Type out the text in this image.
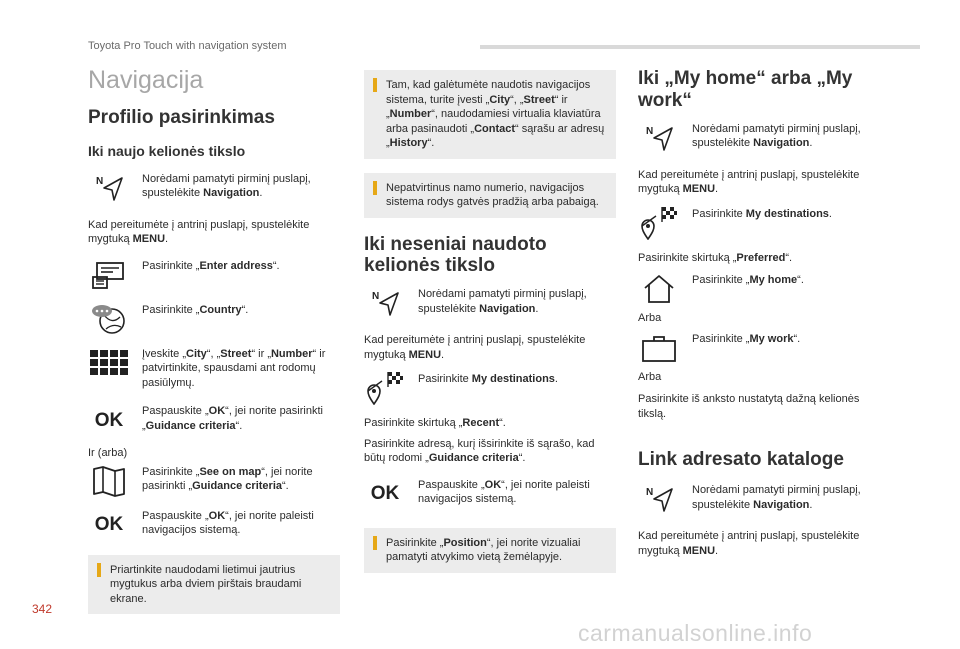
Toyota Pro Touch with navigation system
Navigacija
Profilio pasirinkimas
Iki naujo kelionės tikslo
N	Norėdami pamatyti pirminį puslapį, spustelėkite Navigation.
Kad pereitumėte į antrinį puslapį, spustelėkite mygtuką MENU.
Pasirinkite „Enter address“.
Pasirinkite „Country“.
Įveskite „City“, „Street“ ir „Number“ ir patvirtinkite, spausdami ant rodomų pasiūlymų.
OK Paspauskite „OK“, jei norite pasirinkti „Guidance criteria“.
Ir (arba)
Pasirinkite „See on map“, jei norite pasirinkti „Guidance criteria“.
OK Paspauskite „OK“, jei norite paleisti navigacijos sistemą.
Priartinkite naudodami lietimui jautrius mygtukus arba dviem pirštais braudami ekrane.
Tam, kad galėtumėte naudotis navigacijos sistema, turite įvesti „City“, „Street“ ir „Number“, naudodamiesi virtualia klaviatūra arba pasinaudoti „Contact“ sąrašu ar adresų „History“.
Nepatvirtinus namo numerio, navigacijos sistema rodys gatvės pradžią arba pabaigą.
Iki neseniai naudoto kelionės tikslo
N	Norėdami pamatyti pirminį puslapį, spustelėkite Navigation.
Kad pereitumėte į antrinį puslapį, spustelėkite mygtuką MENU.
Pasirinkite My destinations.
Pasirinkite skirtuką „Recent“.
Pasirinkite adresą, kurį išsirinkite iš sąrašo, kad būtų rodomi „Guidance criteria“.
OK Paspauskite „OK“, jei norite paleisti navigacijos sistemą.
Pasirinkite „Position“, jei norite vizualiai pamatyti atvykimo vietą žemėlapyje.
Iki „My home“ arba „My work“
N	Norėdami pamatyti pirminį puslapį, spustelėkite Navigation.
Kad pereitumėte į antrinį puslapį, spustelėkite mygtuką MENU.
Pasirinkite My destinations.
Pasirinkite skirtuką „Preferred“.
Pasirinkite „My home“.
Arba
Pasirinkite „My work“.
Arba
Pasirinkite iš anksto nustatytą dažną kelionės tikslą.
Link adresato kataloge
N	Norėdami pamatyti pirminį puslapį, spustelėkite Navigation.
Kad pereitumėte į antrinį puslapį, spustelėkite mygtuką MENU.
342
carmanualsonline.info
